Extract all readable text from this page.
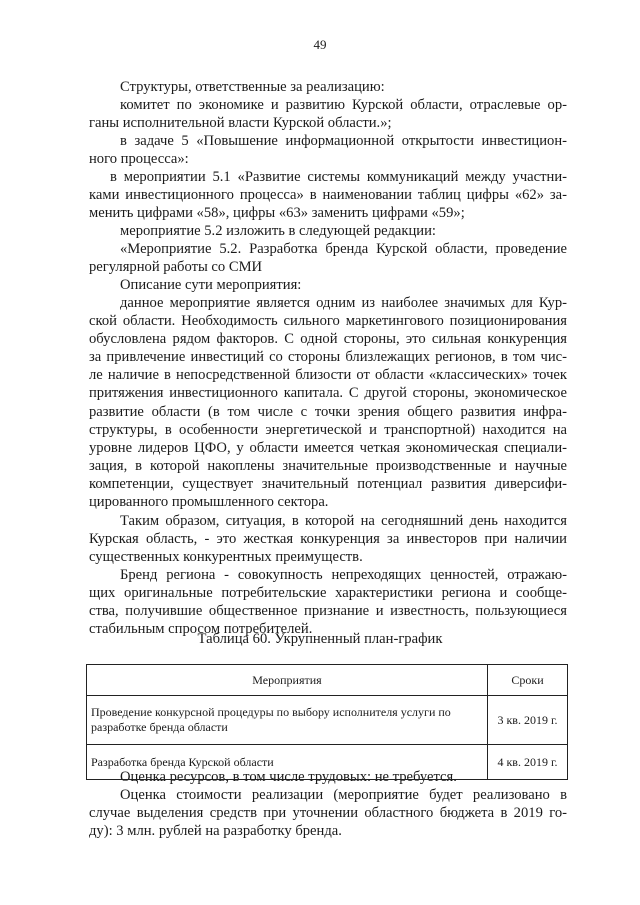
49
Структуры, ответственные за реализацию:
комитет по экономике и развитию Курской области, отраслевые ор-
ганы исполнительной власти Курской области.»;
в задаче 5 «Повышение информационной открытости инвестицион-
ного процесса»:
в мероприятии 5.1 «Развитие системы коммуникаций между участни-
ками инвестиционного процесса» в наименовании таблиц цифры «62» за-
менить цифрами «58», цифры «63» заменить цифрами «59»;
мероприятие 5.2 изложить в следующей редакции:
«Мероприятие 5.2. Разработка бренда Курской области, проведение
регулярной работы со СМИ
Описание сути мероприятия:
данное мероприятие является одним из наиболее значимых для Кур-
ской области. Необходимость сильного маркетингового позиционирования
обусловлена рядом факторов. С одной стороны, это сильная конкуренция
за привлечение инвестиций со стороны близлежащих регионов, в том чис-
ле наличие в непосредственной близости от области «классических» точек
притяжения инвестиционного капитала. С другой стороны, экономическое
развитие области (в том числе с точки зрения общего развития инфра-
структуры, в особенности энергетической и транспортной) находится на
уровне лидеров ЦФО, у области имеется четкая экономическая специали-
зация, в которой накоплены значительные производственные и научные
компетенции, существует значительный потенциал развития диверсифи-
цированного промышленного сектора.
Таким образом, ситуация, в которой на сегодняшний день находится
Курская область, - это жесткая конкуренция за инвесторов при наличии
существенных конкурентных преимуществ.
Бренд региона - совокупность непреходящих ценностей, отражаю-
щих оригинальные потребительские характеристики региона и сообще-
ства, получившие общественное признание и известность, пользующиеся
стабильным спросом потребителей.
Оценка ресурсов, в том числе трудовых: не требуется.
Оценка стоимости реализации (мероприятие будет реализовано в
случае выделения средств при уточнении областного бюджета в 2019 го-
ду): 3 млн. рублей на разработку бренда.
Таблица 60. Укрупненный план-график
Мероприятия	Сроки
Проведение конкурсной процедуры по выбору исполнителя услуги по разработке бренда области	3 кв. 2019 г.
Разработка бренда Курской области	4 кв. 2019 г.
